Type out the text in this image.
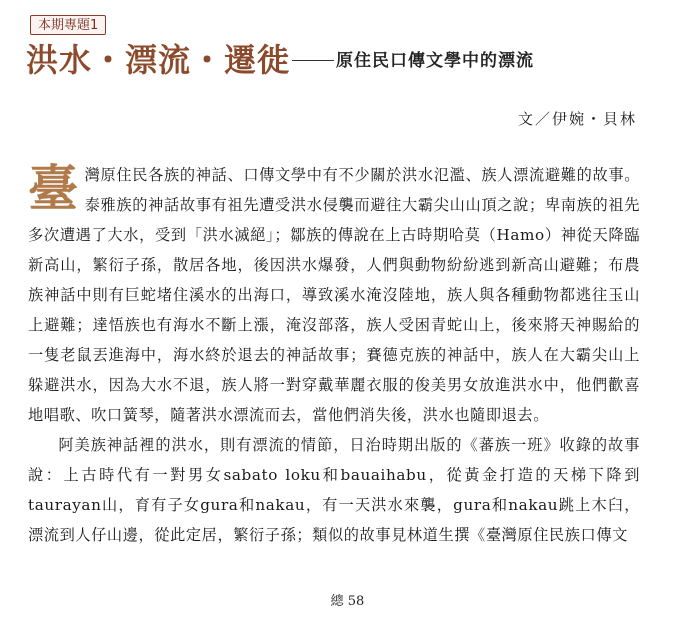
本期專題1
洪水・漂流・遷徙	原住民口傳文學中的漂流
文／伊婉・貝林

臺灣原住民各族的神話、口傳文學中有不少關於洪水氾濫、族人漂流避難的故事。泰雅族的神話故事有祖先遭受洪水侵襲而避往大霸尖山山頂之說；卑南族的祖先多次遭遇了大水，受到「洪水滅絕」；鄒族的傳說在上古時期哈莫（Hamo）神從天降臨新高山，繁衍子孫，散居各地，後因洪水爆發，人們與動物紛紛逃到新高山避難；布農族神話中則有巨蛇堵住溪水的出海口，導致溪水淹沒陸地，族人與各種動物都逃往玉山上避難；達悟族也有海水不斷上漲，淹沒部落，族人受困青蛇山上，後來將天神賜給的一隻老鼠丟進海中，海水終於退去的神話故事；賽德克族的神話中，族人在大霸尖山上躲避洪水，因為大水不退，族人將一對穿戴華麗衣服的俊美男女放進洪水中，他們歡喜地唱歌、吹口簧琴，隨著洪水漂流而去，當他們消失後，洪水也隨即退去。

阿美族神話裡的洪水，則有漂流的情節，日治時期出版的《蕃族一班》收錄的故事說：上古時代有一對男女sabato loku和bauaihabu，從黃金打造的天梯下降到taurayan山，育有子女gura和nakau，有一天洪水來襲，gura和nakau跳上木臼，漂流到人仔山邊，從此定居，繁衍子孫；類似的故事見林道生撰《臺灣原住民族口傳文

總 58
